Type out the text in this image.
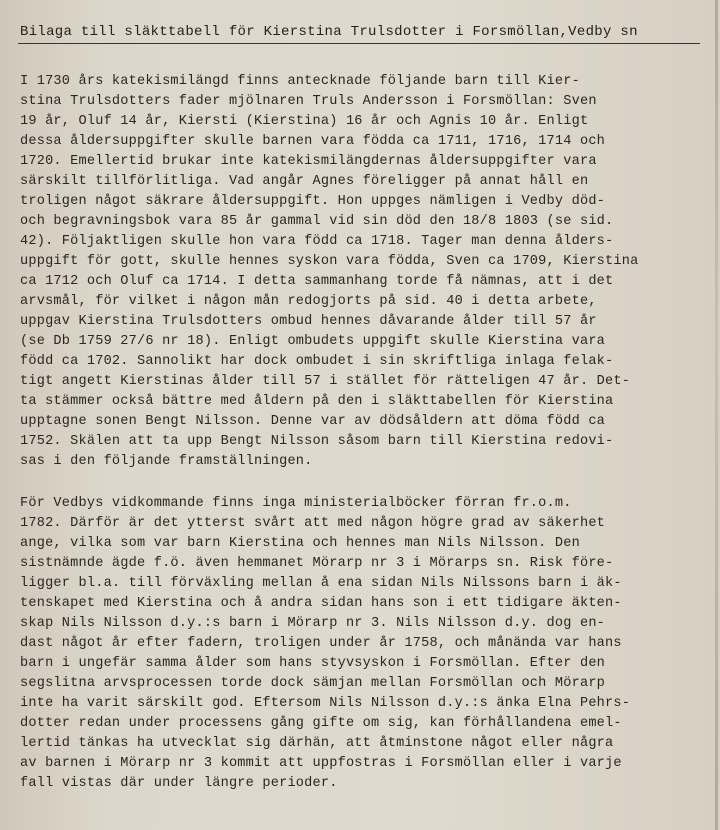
Bilaga till släkttabell för Kierstina Trulsdotter i Forsmöllan,Vedby sn
I 1730 års katekismilängd finns antecknade följande barn till Kier-
stina Trulsdotters fader mjölnaren Truls Andersson i Forsmöllan: Sven
19 år, Oluf 14 år, Kiersti (Kierstina) 16 år och Agnis 10 år. Enligt
dessa åldersuppgifter skulle barnen vara födda ca 1711, 1716, 1714 och
1720. Emellertid brukar inte katekismilängdernas åldersuppgifter vara
särskilt tillförlitliga. Vad angår Agnes föreligger på annat håll en
troligen något säkrare åldersuppgift. Hon uppges nämligen i Vedby död-
och begravningsbok vara 85 år gammal vid sin död den 18/8 1803 (se sid.
42). Följaktligen skulle hon vara född ca 1718. Tager man denna ålders-
uppgift för gott, skulle hennes syskon vara födda, Sven ca 1709, Kierstina
ca 1712 och Oluf ca 1714. I detta sammanhang torde få nämnas, att i det
arvsmål, för vilket i någon mån redogjorts på sid. 40 i detta arbete,
uppgav Kierstina Trulsdotters ombud hennes dåvarande ålder till 57 år
(se Db 1759 27/6 nr 18). Enligt ombudets uppgift skulle Kierstina vara
född ca 1702. Sannolikt har dock ombudet i sin skriftliga inlaga felak-
tigt angett Kierstinas ålder till 57 i stället för rätteligen 47 år. Det-
ta stämmer också bättre med åldern på den i släkttabellen för Kierstina
upptagne sonen Bengt Nilsson. Denne var av dödsåldern att döma född ca
1752. Skälen att ta upp Bengt Nilsson såsom barn till Kierstina redovi-
sas i den följande framställningen.
För Vedbys vidkommande finns inga ministerialböcker förran fr.o.m.
1782. Därför är det ytterst svårt att med någon högre grad av säkerhet
ange, vilka som var barn Kierstina och hennes man Nils Nilsson. Den
sistnämnde ägde f.ö. även hemmanet Mörarp nr 3 i Mörarps sn. Risk före-
ligger bl.a. till förväxling mellan å ena sidan Nils Nilssons barn i äk-
tenskapet med Kierstina och å andra sidan hans son i ett tidigare äkten-
skap Nils Nilsson d.y.:s barn i Mörarp nr 3. Nils Nilsson d.y. dog en-
dast något år efter fadern, troligen under år 1758, och månända var hans
barn i ungefär samma ålder som hans styvsyskon i Forsmöllan. Efter den
segslitna arvsprocessen torde dock sämjan mellan Forsmöllan och Mörarp
inte ha varit särskilt god. Eftersom Nils Nilsson d.y.:s änka Elna Pehrs-
dotter redan under processens gång gifte om sig, kan förhållandena emel-
lertid tänkas ha utvecklat sig därhän, att åtminstone något eller några
av barnen i Mörarp nr 3 kommit att uppfostras i Forsmöllan eller i varje
fall vistas där under längre perioder.
